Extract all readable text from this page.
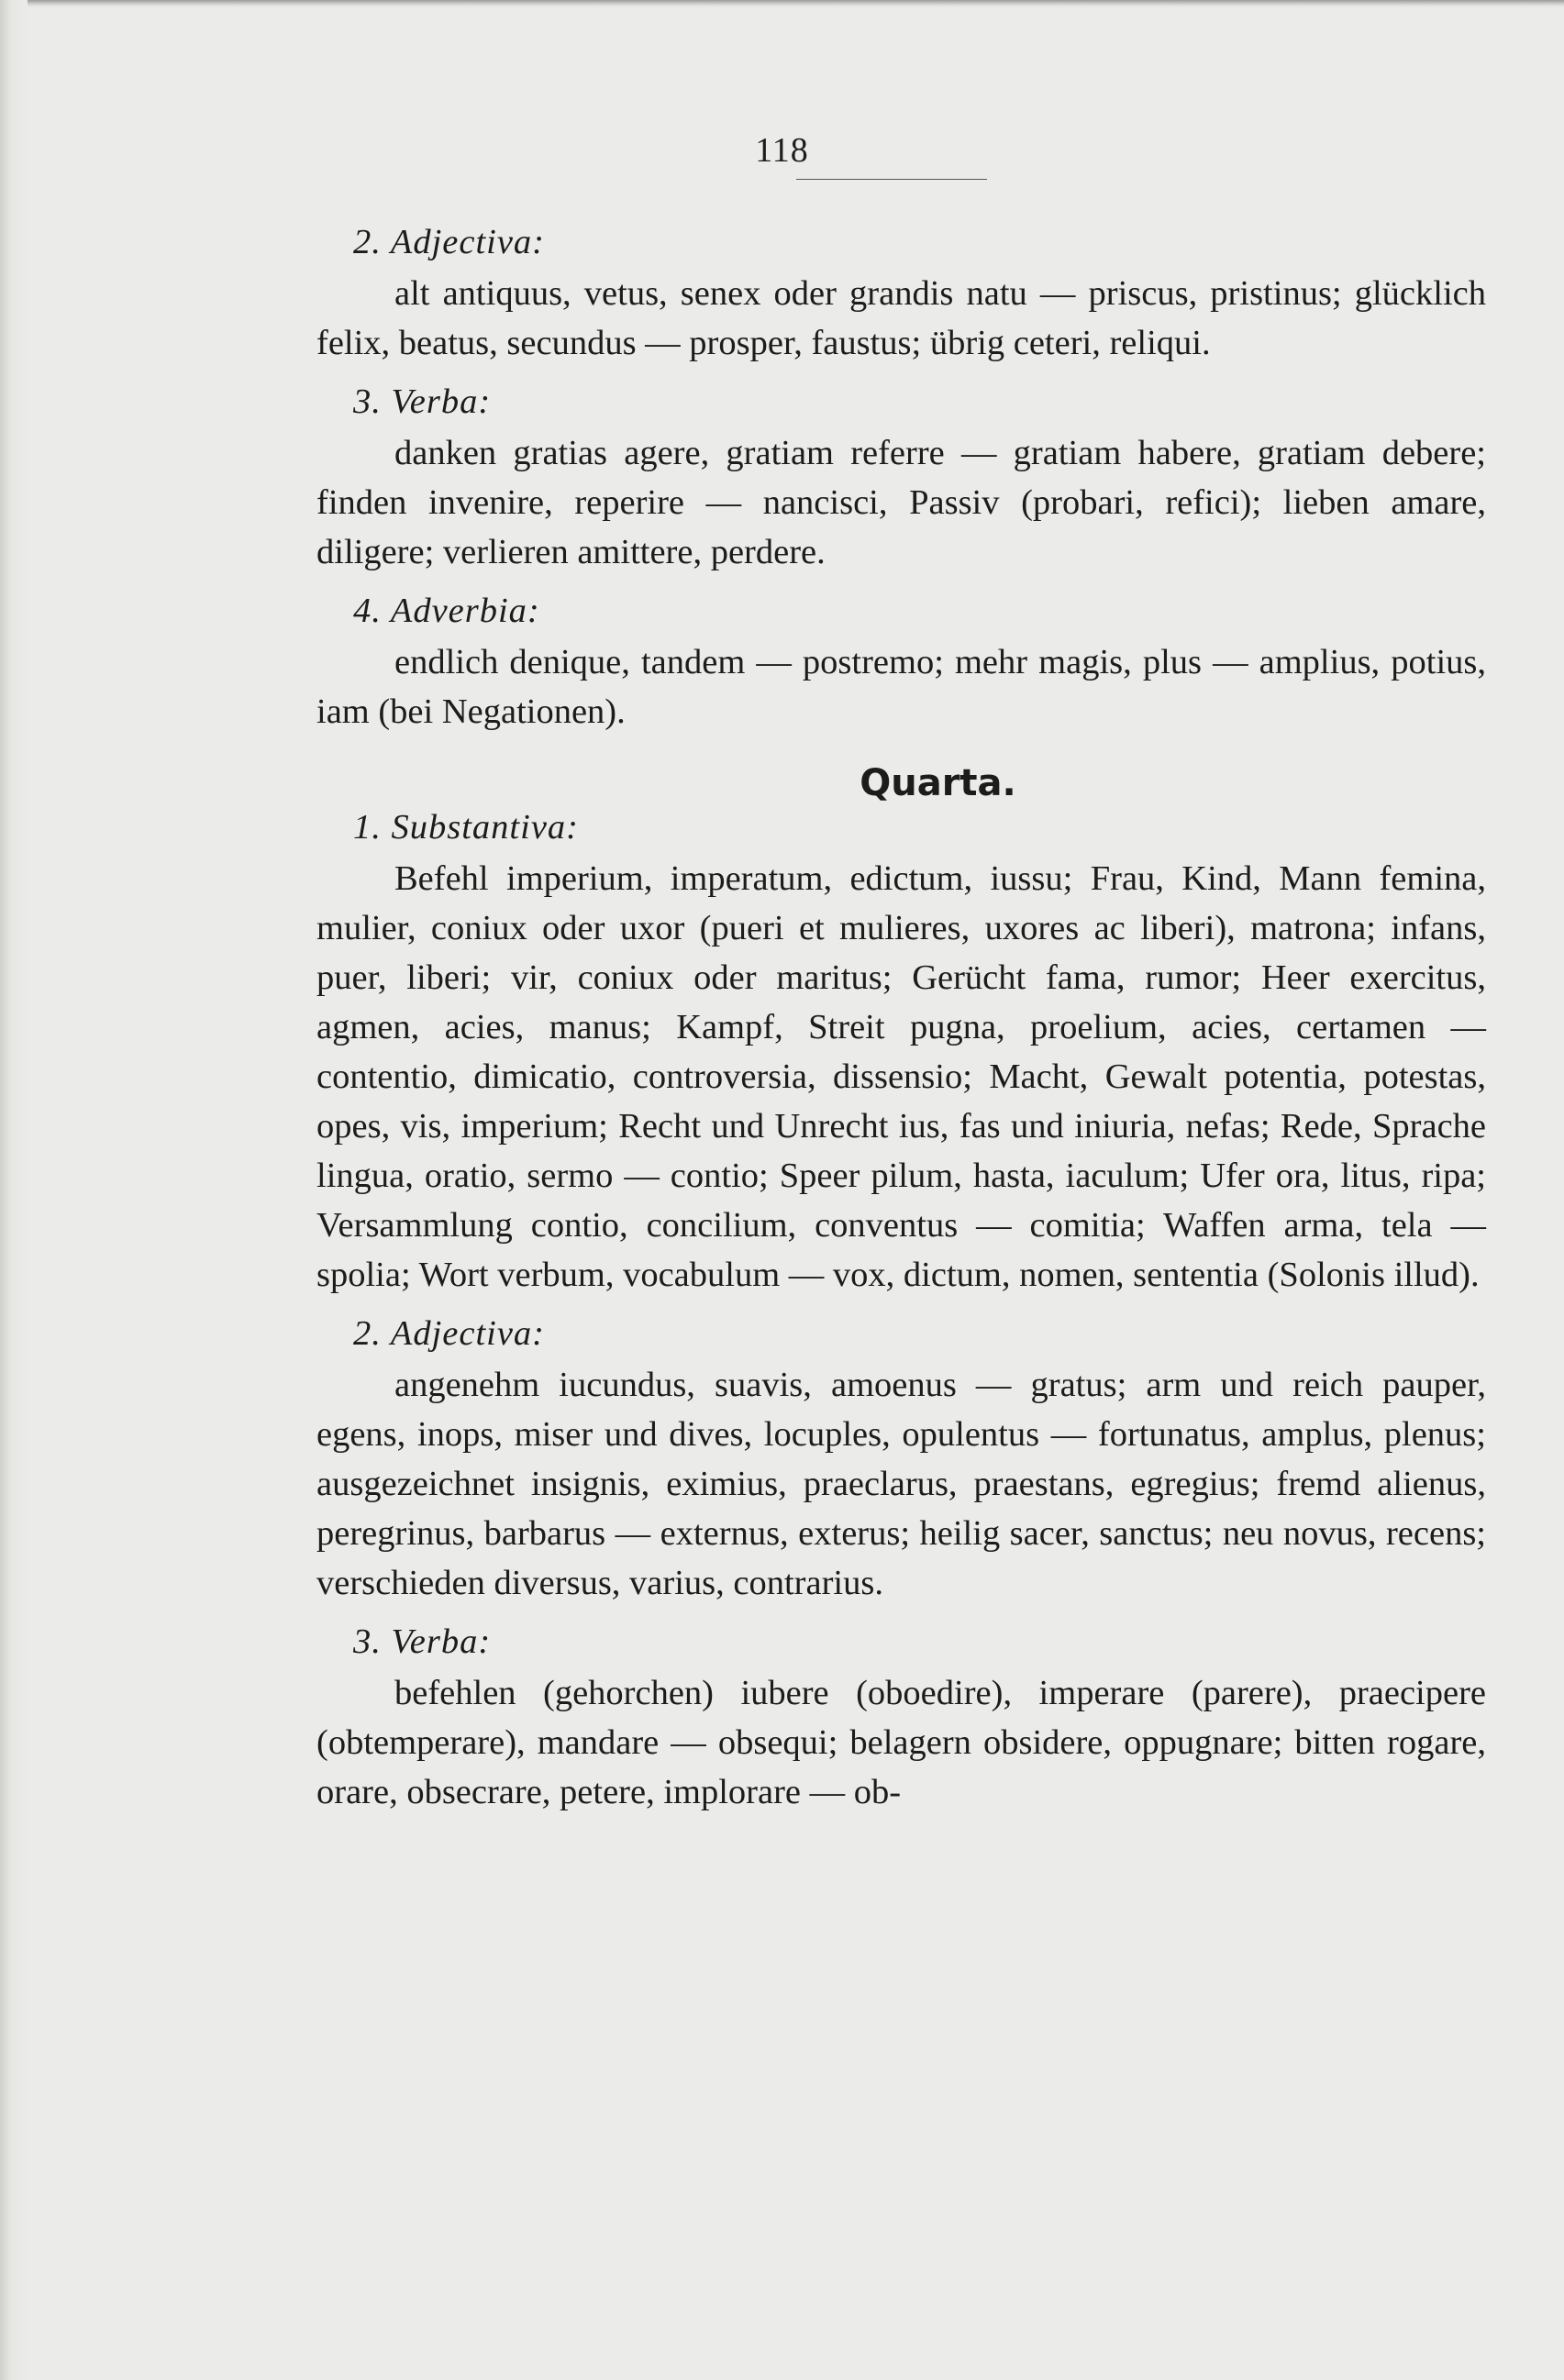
118
2. Adjectiva:

alt antiquus, vetus, senex oder grandis natu — priscus, pristinus; glücklich felix, beatus, secundus — prosper, faustus; übrig ceteri, reliqui.

3. Verba:

danken gratias agere, gratiam referre — gratiam habere, gratiam debere; finden invenire, reperire — nancisci, Passiv (probari, refici); lieben amare, diligere; verlieren amittere, perdere.

4. Adverbia:

endlich denique, tandem — postremo; mehr magis, plus — amplius, potius, iam (bei Negationen).

Quarta.
1. Substantiva:

Befehl imperium, imperatum, edictum, iussu; Frau, Kind, Mann femina, mulier, coniux oder uxor (pueri et mulieres, uxores ac liberi), matrona; infans, puer, liberi; vir, coniux oder maritus; Gerücht fama, rumor; Heer exercitus, agmen, acies, manus; Kampf, Streit pugna, proelium, acies, certamen — contentio, dimicatio, controversia, dissensio; Macht, Gewalt potentia, potestas, opes, vis, imperium; Recht und Unrecht ius, fas und iniuria, nefas; Rede, Sprache lingua, oratio, sermo — contio; Speer pilum, hasta, iaculum; Ufer ora, litus, ripa; Versammlung contio, concilium, conventus — comitia; Waffen arma, tela — spolia; Wort verbum, vocabulum — vox, dictum, nomen, sententia (Solonis illud).

2. Adjectiva:

angenehm iucundus, suavis, amoenus — gratus; arm und reich pauper, egens, inops, miser und dives, locuples, opulentus — fortunatus, amplus, plenus; ausgezeichnet insignis, eximius, praeclarus, praestans, egregius; fremd alienus, peregrinus, barbarus — externus, exterus; heilig sacer, sanctus; neu novus, recens; verschieden diversus, varius, contrarius.

3. Verba:

befehlen (gehorchen) iubere (oboedire), imperare (parere), praecipere (obtemperare), mandare — obsequi; belagern obsidere, oppugnare; bitten rogare, orare, obsecrare, petere, implorare — ob-
